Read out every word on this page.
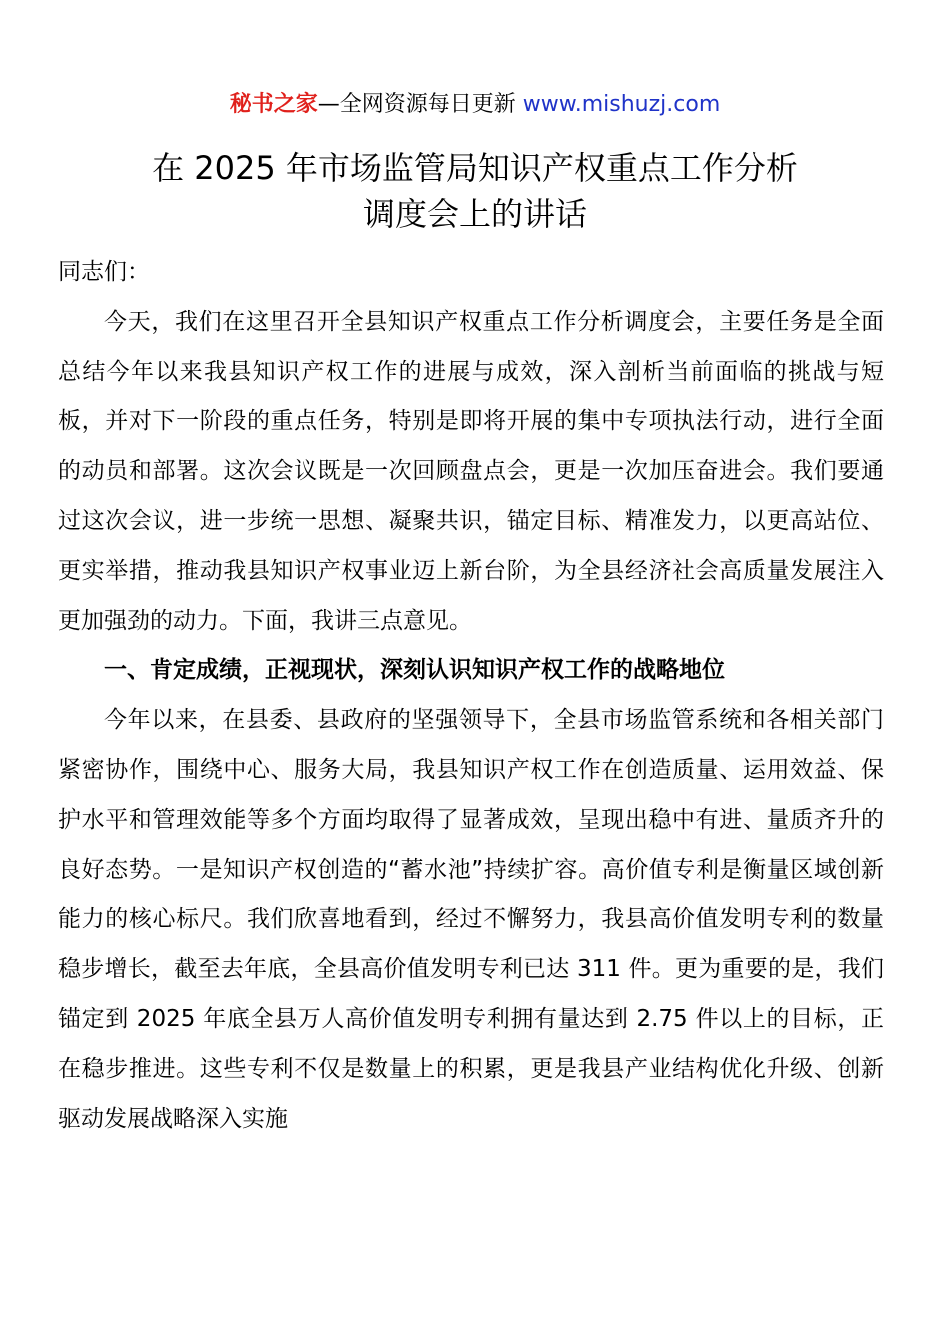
秘书之家—全网资源每日更新 www.mishuzj.com
在 2025 年市场监管局知识产权重点工作分析
调度会上的讲话

同志们：

今天，我们在这里召开全县知识产权重点工作分析调度会，主要任务是全面总结今年以来我县知识产权工作的进展与成效，深入剖析当前面临的挑战与短板，并对下一阶段的重点任务，特别是即将开展的集中专项执法行动，进行全面的动员和部署。这次会议既是一次回顾盘点会，更是一次加压奋进会。我们要通过这次会议，进一步统一思想、凝聚共识，锚定目标、精准发力，以更高站位、更实举措，推动我县知识产权事业迈上新台阶，为全县经济社会高质量发展注入更加强劲的动力。下面，我讲三点意见。

一、肯定成绩，正视现状，深刻认识知识产权工作的战略地位

今年以来，在县委、县政府的坚强领导下，全县市场监管系统和各相关部门紧密协作，围绕中心、服务大局，我县知识产权工作在创造质量、运用效益、保护水平和管理效能等多个方面均取得了显著成效，呈现出稳中有进、量质齐升的良好态势。一是知识产权创造的“蓄水池”持续扩容。高价值专利是衡量区域创新能力的核心标尺。我们欣喜地看到，经过不懈努力，我县高价值发明专利的数量稳步增长，截至去年底，全县高价值发明专利已达 311 件。更为重要的是，我们锚定到 2025 年底全县万人高价值发明专利拥有量达到 2.75 件以上的目标，正在稳步推进。这些专利不仅是数量上的积累，更是我县产业结构优化升级、创新驱动发展战略深入实施
